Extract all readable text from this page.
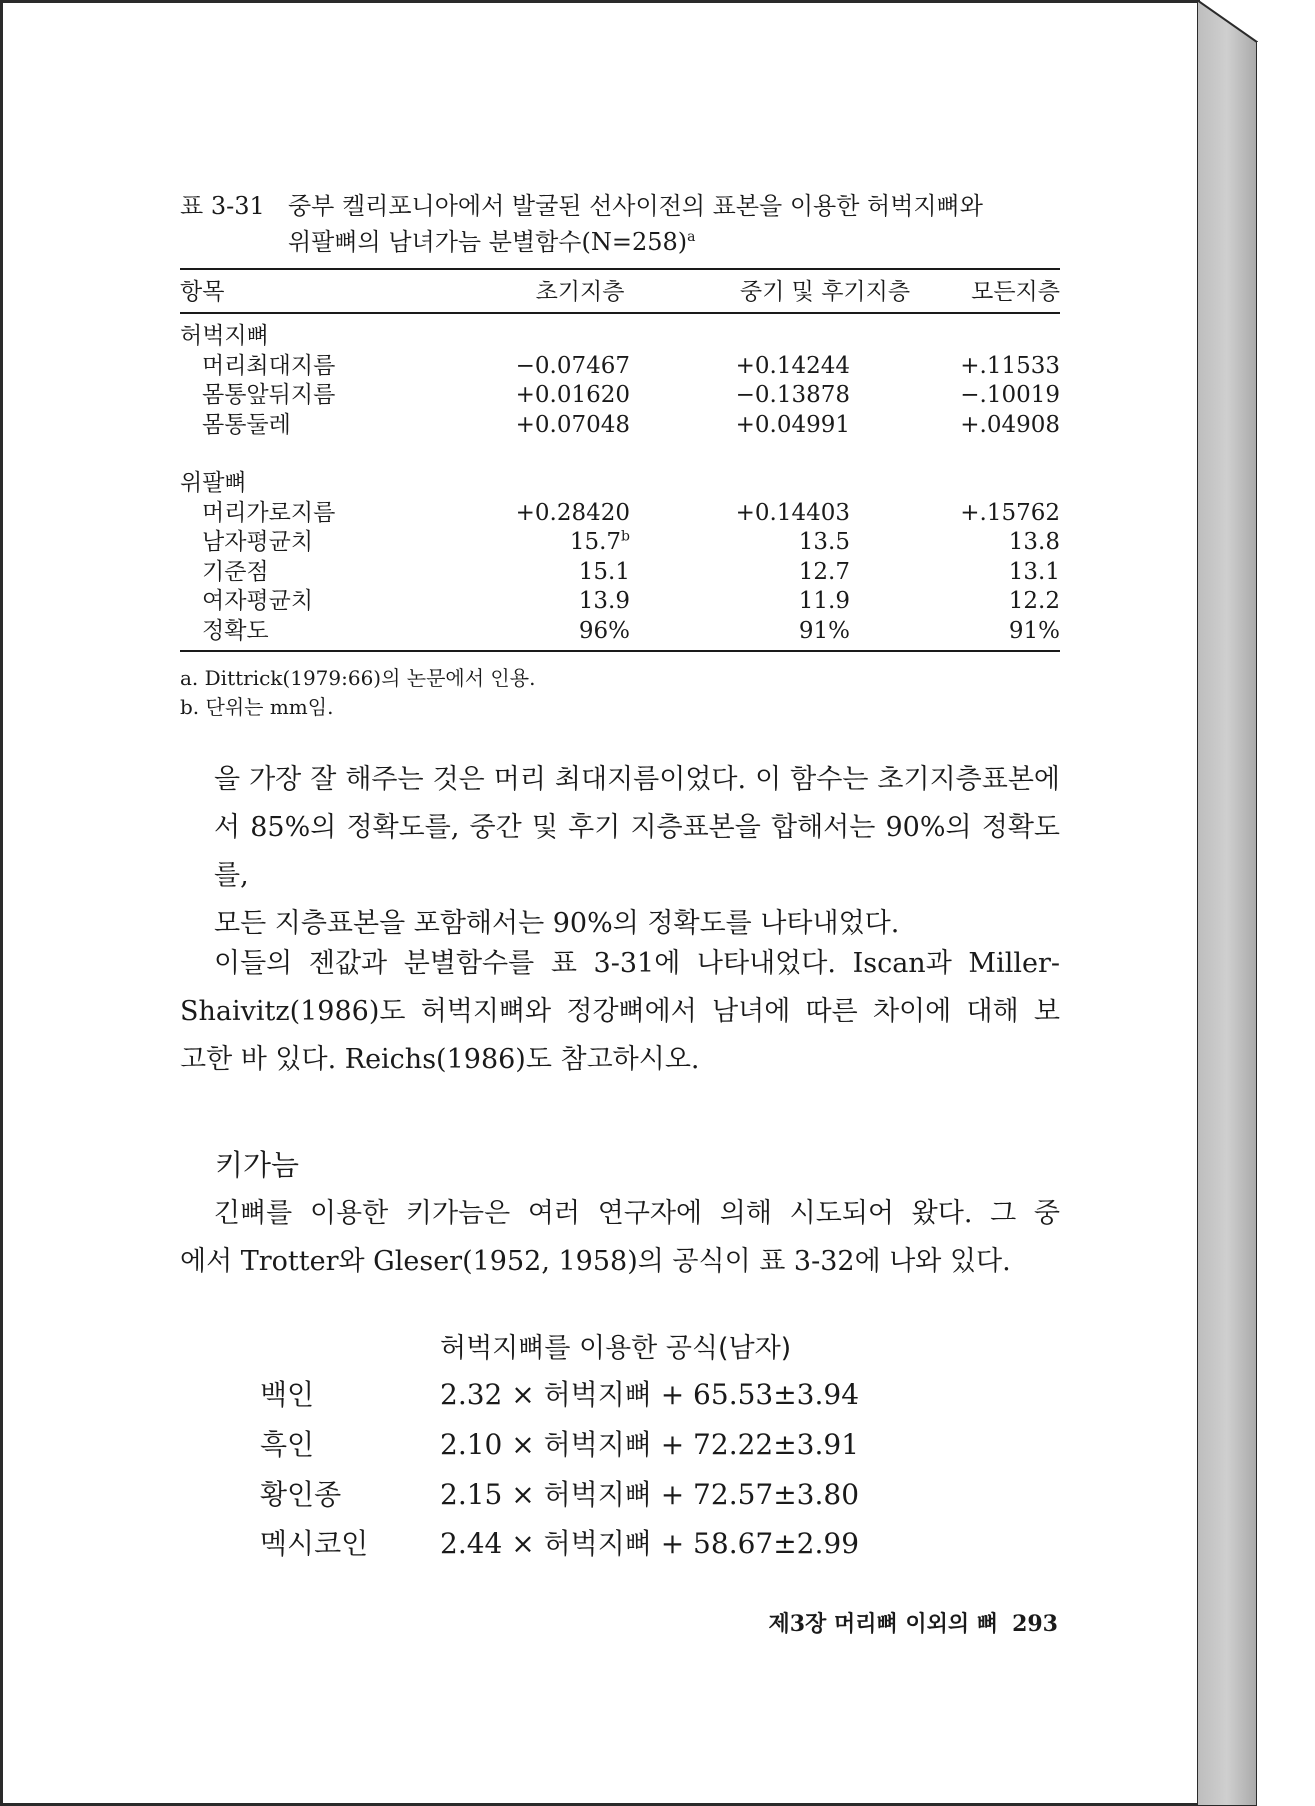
표 3-31 중부 켈리포니아에서 발굴된 선사이전의 표본을 이용한 허벅지뼈와
위팔뼈의 남녀가늠 분별함수(N=258)$^a$
항목	초기지층	중기 및 후기지층	모든지층
허벅지뼈
머리최대지름	−0.07467	+0.14244	+.11533
몸통앞뒤지름	+0.01620	−0.13878	−.10019
몸통둘레	+0.07048	+0.04991	+.04908
위팔뼈
머리가로지름	+0.28420	+0.14403	+.15762
남자평균치	15.7$^b$	13.5	13.8
기준점	15.1	12.7	13.1
여자평균치	13.9	11.9	12.2
정확도	96%	91%	91%
a. Dittrick(1979:66)의 논문에서 인용.
b. 단위는 mm임.
을 가장 잘 해주는 것은 머리 최대지름이었다. 이 함수는 초기지층표본에
서 85%의 정확도를, 중간 및 후기 지층표본을 합해서는 90%의 정확도를,
모든 지층표본을 포함해서는 90%의 정확도를 나타내었다.
이들의 젠값과 분별함수를 표 3-31에 나타내었다. Iscan과 Miller-
Shaivitz(1986)도 허벅지뼈와 정강뼈에서 남녀에 따른 차이에 대해 보
고한 바 있다. Reichs(1986)도 참고하시오.
키가늠
긴뼈를 이용한 키가늠은 여러 연구자에 의해 시도되어 왔다. 그 중
에서 Trotter와 Gleser(1952, 1958)의 공식이 표 3-32에 나와 있다.
허벅지뼈를 이용한 공식(남자)
백인	2.32 × 허벅지뼈 + 65.53±3.94
흑인	2.10 × 허벅지뼈 + 72.22±3.91
황인종	2.15 × 허벅지뼈 + 72.57±3.80
멕시코인	2.44 × 허벅지뼈 + 58.67±2.99
제3장 머리뼈 이외의 뼈 293
